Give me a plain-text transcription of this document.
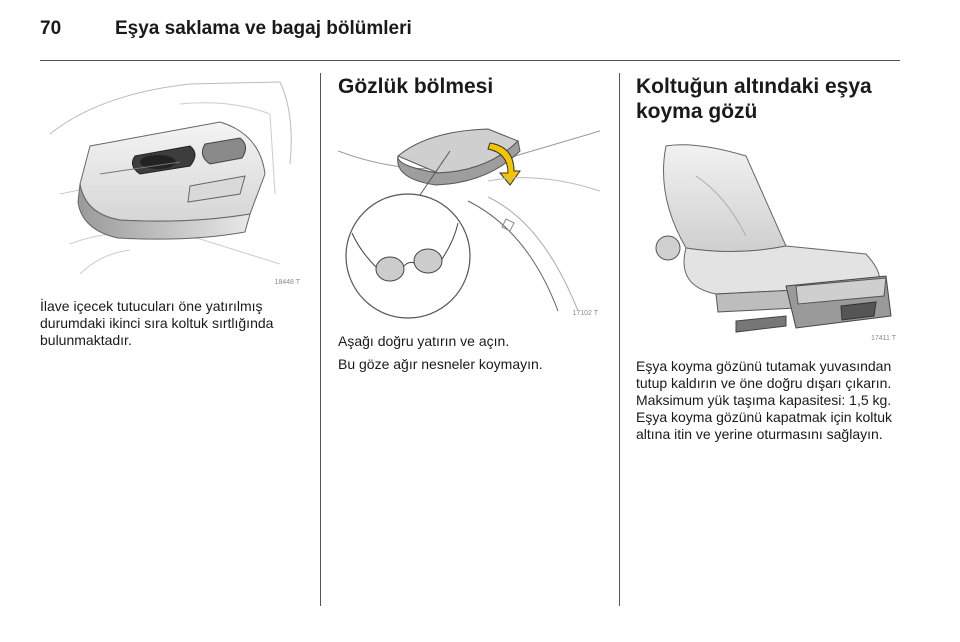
70	Eşya saklama ve bagaj bölümleri
18448 T

İlave içecek tutucuları öne yatırılmış durumdaki ikinci sıra koltuk sırtlığında bulunmaktadır.

Gözlük bölmesi
17102 T

Aşağı doğru yatırın ve açın.

Bu göze ağır nesneler koymayın.

Koltuğun altındaki eşya koyma gözü
17411 T

Eşya koyma gözünü tutamak yuvasından tutup kaldırın ve öne doğru dışarı çıkarın. Maksimum yük taşıma kapasitesi: 1,5 kg. Eşya koyma gözünü kapatmak için koltuk altına itin ve yerine oturmasını sağlayın.
